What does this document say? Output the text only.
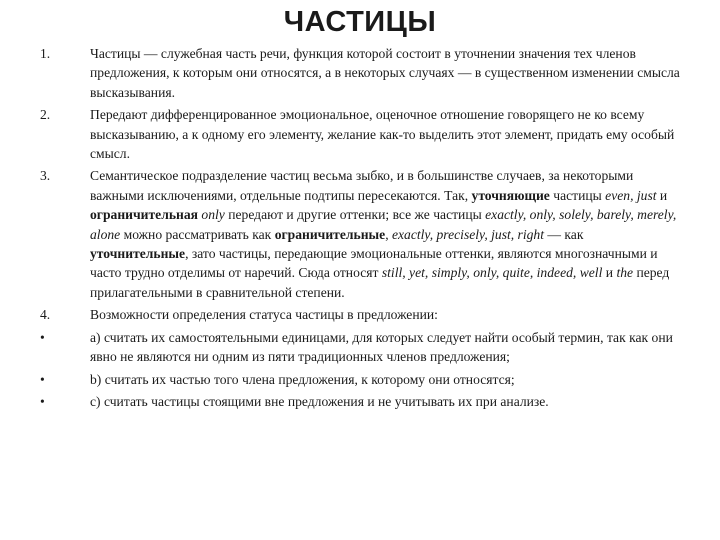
ЧАСТИЦЫ
1.	Частицы — служебная часть речи, функция которой состоит в уточнении значения тех членов предложения, к которым они относятся, а в некоторых случаях — в существенном изменении смысла высказывания.
2.	Передают дифференцированное эмоциональное, оценочное отношение говорящего не ко всему высказыванию, а к одному его элементу, желание как-то выделить этот элемент, придать ему особый смысл.
3.	Семантическое подразделение частиц весьма зыбко, и в большинстве случаев, за некоторыми важными исключениями, отдельные подтипы пересекаются. Так, уточняющие частицы even, just и ограничительная only передают и другие оттенки; все же частицы exactly, only, solely, barely, merely, alone можно рассматривать как ограничительные, exactly, precisely, just, right — как уточнительные, зато частицы, передающие эмоциональные оттенки, являются многозначными и часто трудно отделимы от наречий. Сюда относят still, yet, simply, only, quite, indeed, well и the перед прилагательными в сравнительной степени.
4.	Возможности определения статуса частицы в предложении:
•	a) считать их самостоятельными единицами, для которых следует найти особый термин, так как они явно не являются ни одним из пяти традиционных членов предложения;
•	b) считать их частью того члена предложения, к которому они относятся;
•	c) считать частицы стоящими вне предложения и не учитывать их при анализе.
